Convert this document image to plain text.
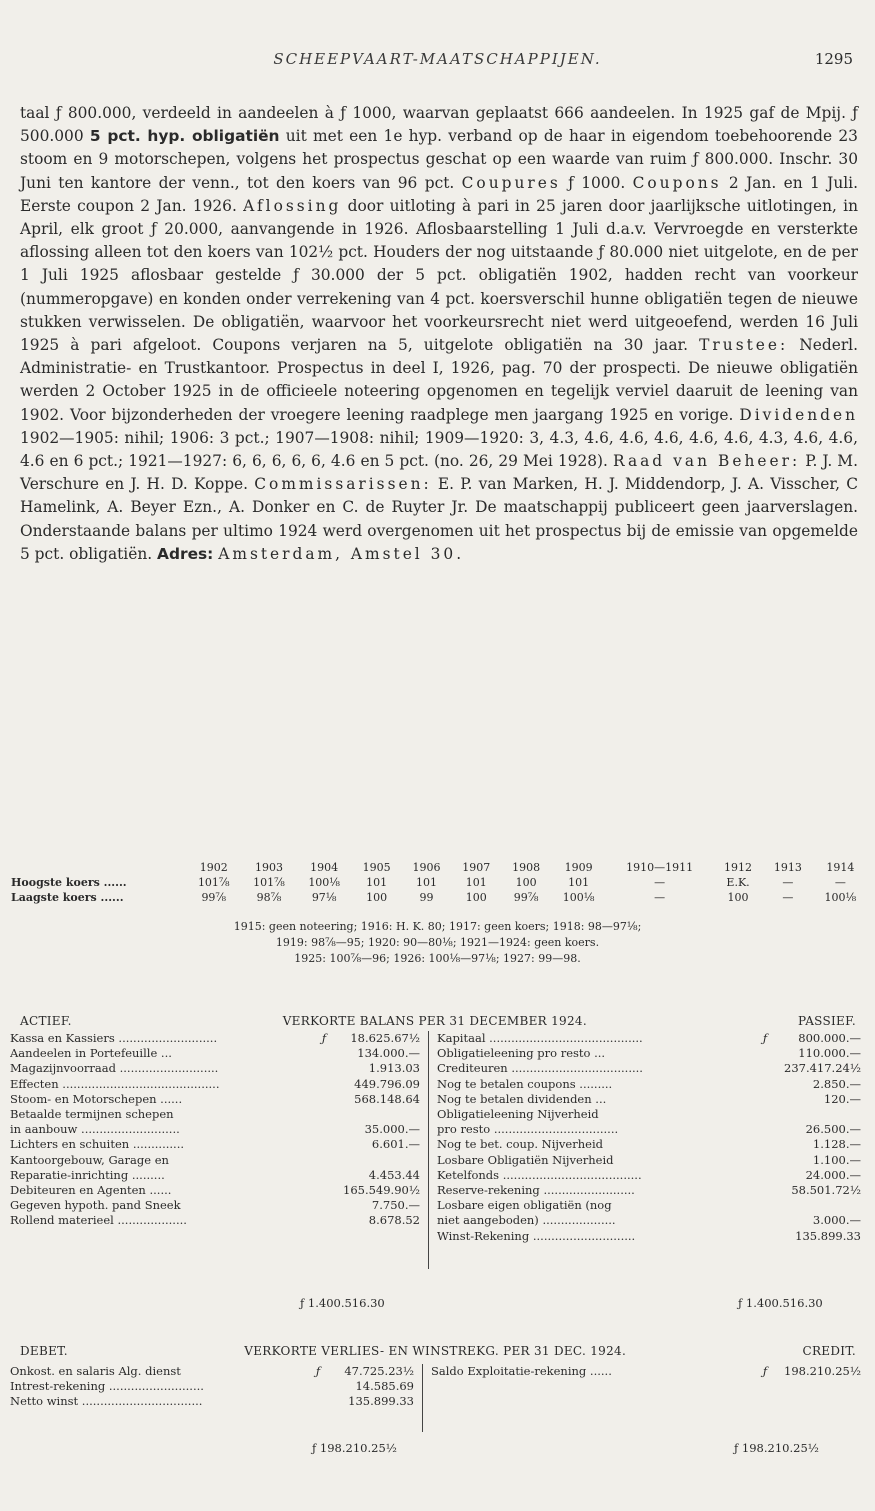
SCHEEPVAART-MAATSCHAPPIJEN.	1295

taal ƒ 800.000, verdeeld in aandeelen à ƒ 1000, waarvan geplaatst 666 aandeelen. In 1925 gaf de Mpij. ƒ 500.000 5 pct. hyp. obligatiën uit met een 1e hyp. verband op de haar in eigendom toebehoorende 23 stoom en 9 motorschepen, volgens het prospectus geschat op een waarde van ruim ƒ 800.000. Inschr. 30 Juni ten kantore der venn., tot den koers van 96 pct. Coupures ƒ 1000. Coupons 2 Jan. en 1 Juli. Eerste coupon 2 Jan. 1926. Aflossing door uitloting à pari in 25 jaren door jaarlijksche uitlotingen, in April, elk groot ƒ 20.000, aanvangende in 1926. Aflosbaarstelling 1 Juli d.a.v. Vervroegde en versterkte aflossing alleen tot den koers van 102½ pct. Houders der nog uitstaande ƒ 80.000 niet uitgelote, en de per 1 Juli 1925 aflosbaar gestelde ƒ 30.000 der 5 pct. obligatiën 1902, hadden recht van voorkeur (nummeropgave) en konden onder verrekening van 4 pct. koersverschil hunne obligatiën tegen de nieuwe stukken verwisselen. De obligatiën, waarvoor het voorkeursrecht niet werd uitgeoefend, werden 16 Juli 1925 à pari afgeloot. Coupons verjaren na 5, uitgelote obligatiën na 30 jaar. Trustee: Nederl. Administratie- en Trustkantoor. Prospectus in deel I, 1926, pag. 70 der prospecti. De nieuwe obligatiën werden 2 October 1925 in de officieele noteering opgenomen en tegelijk verviel daaruit de leening van 1902. Voor bijzonderheden der vroegere leening raadplege men jaargang 1925 en vorige. Dividenden 1902—1905: nihil; 1906: 3 pct.; 1907—1908: nihil; 1909—1920: 3, 4.3, 4.6, 4.6, 4.6, 4.6, 4.6, 4.3, 4.6, 4.6, 4.6 en 6 pct.; 1921—1927: 6, 6, 6, 6, 6, 4.6 en 5 pct. (no. 26, 29 Mei 1928). Raad van Beheer: P. J. M. Verschure en J. H. D. Koppe. Commissarissen: E. P. van Marken, H. J. Middendorp, J. A. Visscher, C Hamelink, A. Beyer Ezn., A. Donker en C. de Ruyter Jr. De maatschappij publiceert geen jaarverslagen. Onderstaande balans per ultimo 1924 werd overgenomen uit het prospectus bij de emissie van opgemelde 5 pct. obligatiën. Adres: Amsterdam, Amstel 30.

	1902	1903	1904	1905	1906	1907	1908	1909	1910—1911	1912	1913	1914
Hoogste koers ......	101⅞	101⅞	100⅛	101	101	101	100	101	—	E.K.	—	—
Laagste koers ......	99⅞	98⅞	97⅛	100	99	100	99⅞	100⅛	—	100	—	100⅛
1915: geen noteering; 1916: H. K. 80; 1917: geen koers; 1918: 98—97⅛;
1919: 98⅞—95; 1920: 90—80⅛; 1921—1924: geen koers.
1925: 100⅞—96; 1926: 100⅛—97⅛; 1927: 99—98.
ACTIEF.	VERKORTE BALANS PER 31 DECEMBER 1924.	PASSIEF.
Kassa en Kassiers ...........................	ƒ	18.625.67½
Aandeelen in Portefeuille ...	134.000.—
Magazijnvoorraad ...........................	1.913.03
Effecten ...........................................	449.796.09
Stoom- en Motorschepen ......	568.148.64
Betaalde termijnen schepen
in aanbouw ...........................	35.000.—
Lichters en schuiten ..............	6.601.—
Kantoorgebouw, Garage en
Reparatie-inrichting .........	4.453.44
Debiteuren en Agenten ......	165.549.90½
Gegeven hypoth. pand Sneek	7.750.—
Rollend materieel ...................	8.678.52
Kapitaal ..........................................	ƒ	800.000.—
Obligatieleening pro resto ...	110.000.—
Crediteuren ....................................	237.417.24½
Nog te betalen coupons .........	2.850.—
Nog te betalen dividenden ...	120.—
Obligatieleening Nijverheid
pro resto ..................................	26.500.—
Nog te bet. coup. Nijverheid	1.128.—
Losbare Obligatiën Nijverheid	1.100.—
Ketelfonds ......................................	24.000.—
Reserve-rekening .........................	58.501.72½
Losbare eigen obligatiën (nog
niet aangeboden) ....................	3.000.—
Winst-Rekening ............................	135.899.33
ƒ 1.400.516.30	ƒ 1.400.516.30
DEBET.	VERKORTE VERLIES- EN WINSTREKG. PER 31 DEC. 1924.	CREDIT.
Onkost. en salaris Alg. dienst	ƒ	47.725.23½
Intrest-rekening ..........................	14.585.69
Netto winst .................................	135.899.33
Saldo Exploitatie-rekening ......	ƒ	198.210.25½
ƒ 198.210.25½	ƒ 198.210.25½
